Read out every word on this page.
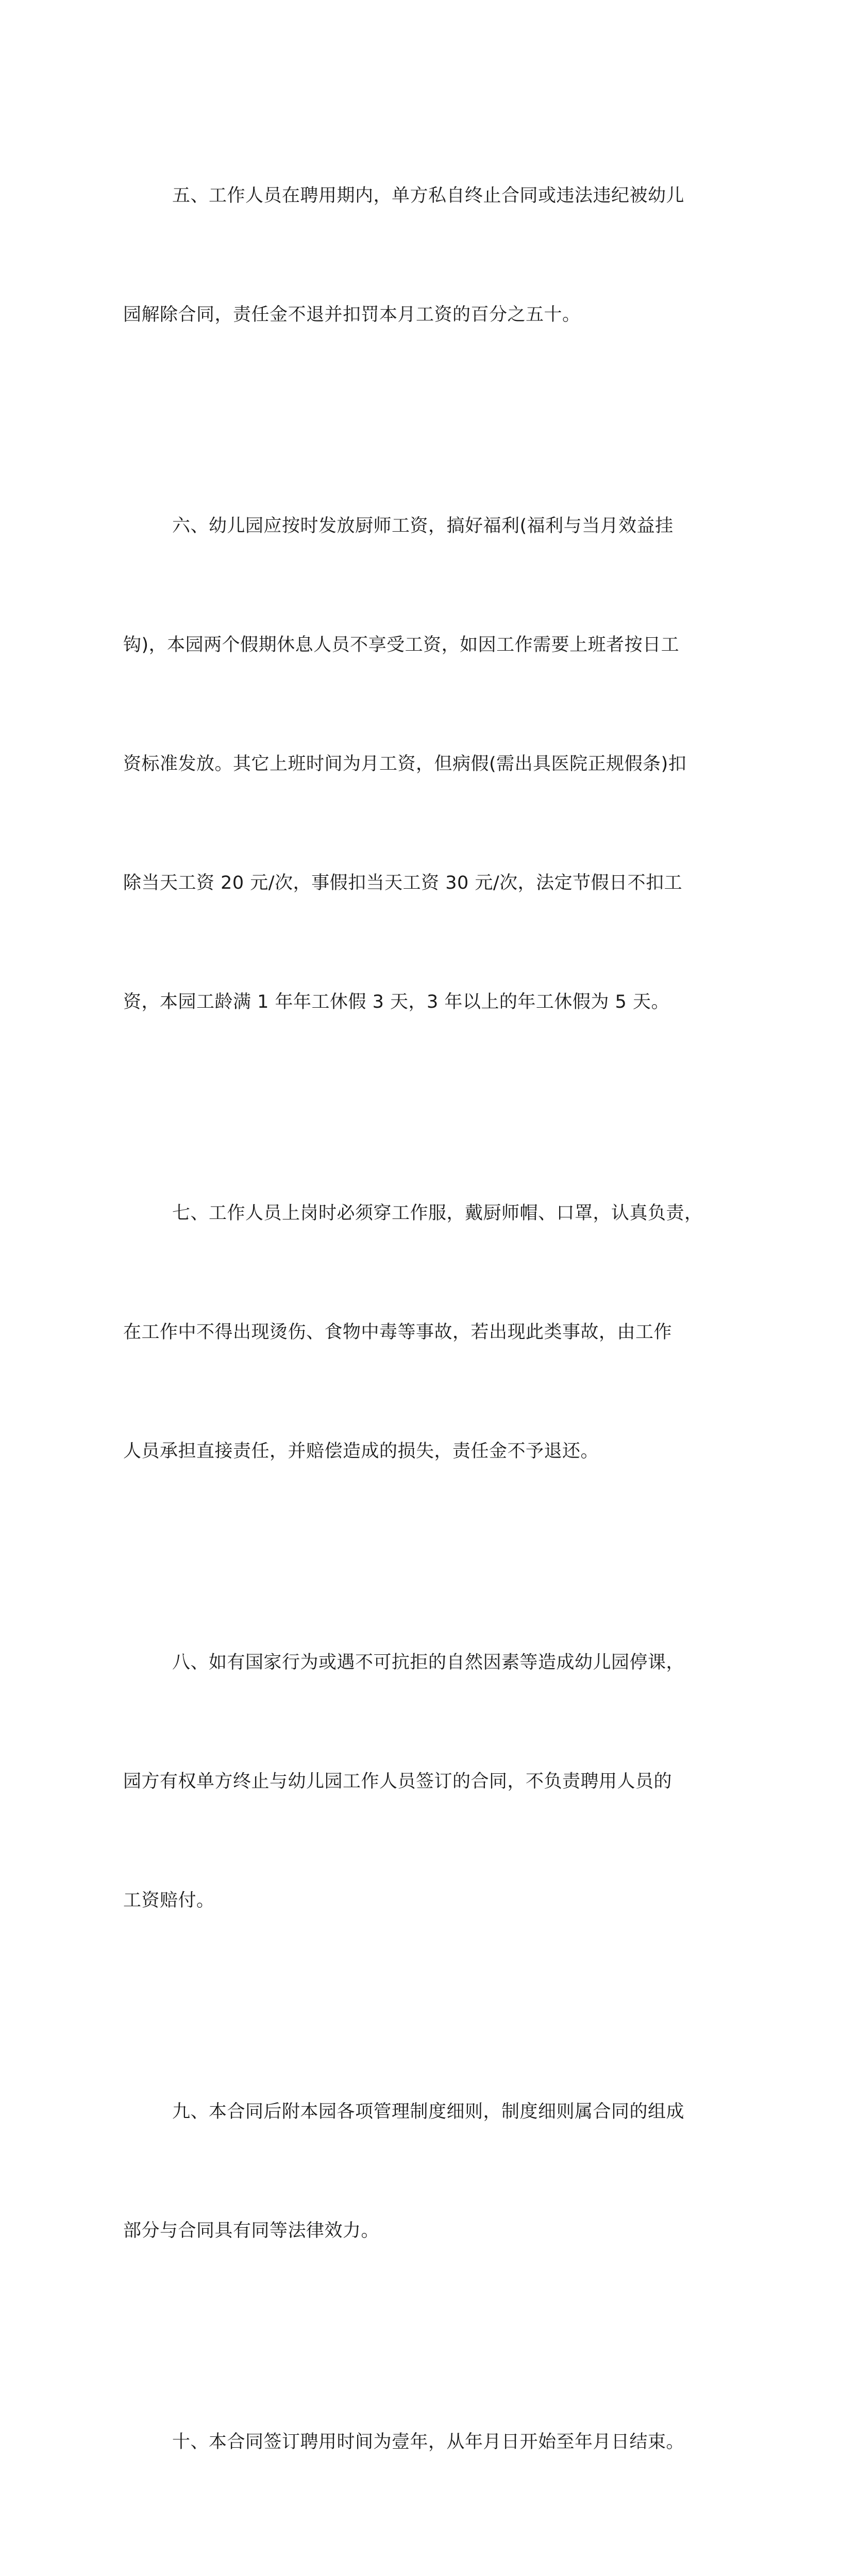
五、工作人员在聘用期内，单方私自终止合同或违法违纪被幼儿

园解除合同，责任金不退并扣罚本月工资的百分之五十。

六、幼儿园应按时发放厨师工资，搞好福利(福利与当月效益挂

钩)，本园两个假期休息人员不享受工资，如因工作需要上班者按日工

资标准发放。其它上班时间为月工资，但病假(需出具医院正规假条)扣

除当天工资 20 元/次，事假扣当天工资 30 元/次，法定节假日不扣工

资，本园工龄满 1 年年工休假 3 天，3 年以上的年工休假为 5 天。

七、工作人员上岗时必须穿工作服，戴厨师帽、口罩，认真负责，

在工作中不得出现烫伤、食物中毒等事故，若出现此类事故，由工作

人员承担直接责任，并赔偿造成的损失，责任金不予退还。

八、如有国家行为或遇不可抗拒的自然因素等造成幼儿园停课，

园方有权单方终止与幼儿园工作人员签订的合同，不负责聘用人员的

工资赔付。

九、本合同后附本园各项管理制度细则，制度细则属合同的组成

部分与合同具有同等法律效力。

十、本合同签订聘用时间为壹年，从年月日开始至年月日结束。
